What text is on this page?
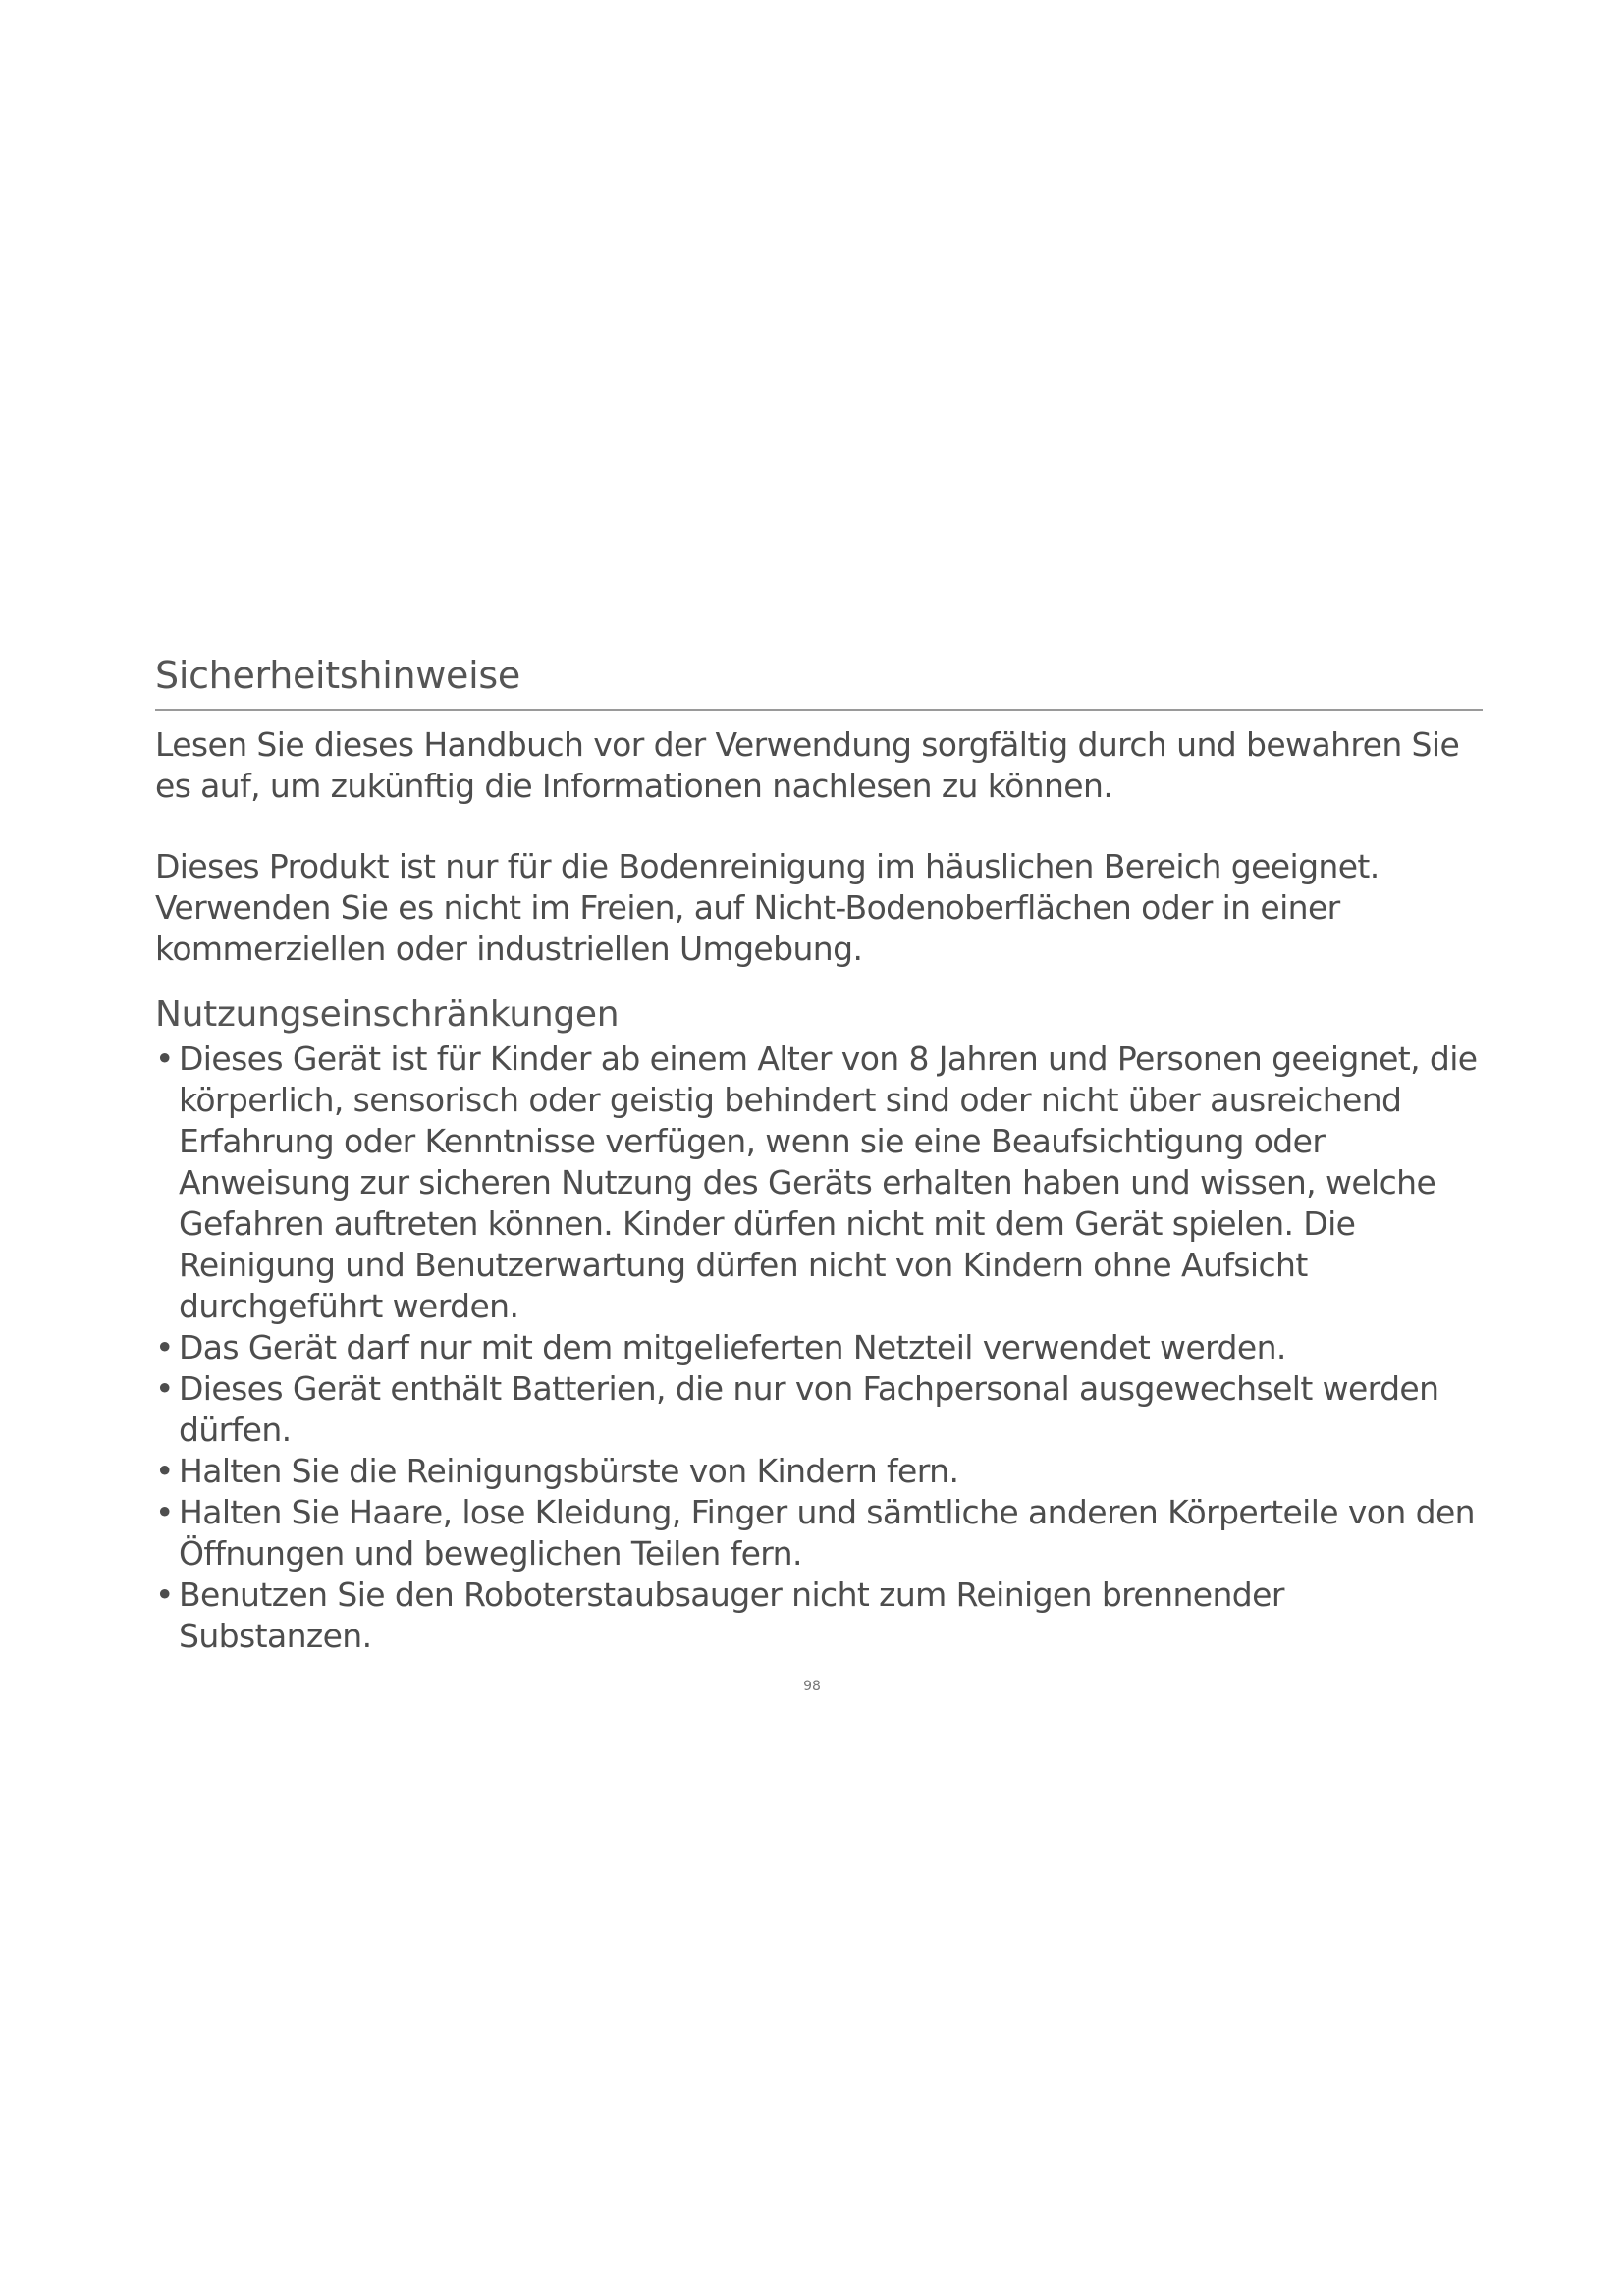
Sicherheitshinweise

Lesen Sie dieses Handbuch vor der Verwendung sorgfältig durch und bewahren Sie es auf, um zukünftig die Informationen nachlesen zu können.

Dieses Produkt ist nur für die Bodenreinigung im häuslichen Bereich geeignet. Verwenden Sie es nicht im Freien, auf Nicht-Bodenoberflächen oder in einer kommerziellen oder industriellen Umgebung.

Nutzungseinschränkungen
• Dieses Gerät ist für Kinder ab einem Alter von 8 Jahren und Personen geeignet, die körperlich, sensorisch oder geistig behindert sind oder nicht über ausreichend Erfahrung oder Kenntnisse verfügen, wenn sie eine Beaufsichtigung oder Anweisung zur sicheren Nutzung des Geräts erhalten haben und wissen, welche Gefahren auftreten können. Kinder dürfen nicht mit dem Gerät spielen. Die Reinigung und Benutzerwartung dürfen nicht von Kindern ohne Aufsicht durchgeführt werden.
• Das Gerät darf nur mit dem mitgelieferten Netzteil verwendet werden.
• Dieses Gerät enthält Batterien, die nur von Fachpersonal ausgewechselt werden dürfen.
• Halten Sie die Reinigungsbürste von Kindern fern.
• Halten Sie Haare, lose Kleidung, Finger und sämtliche anderen Körperteile von den Öffnungen und beweglichen Teilen fern.
• Benutzen Sie den Roboterstaubsauger nicht zum Reinigen brennender Substanzen.
98
